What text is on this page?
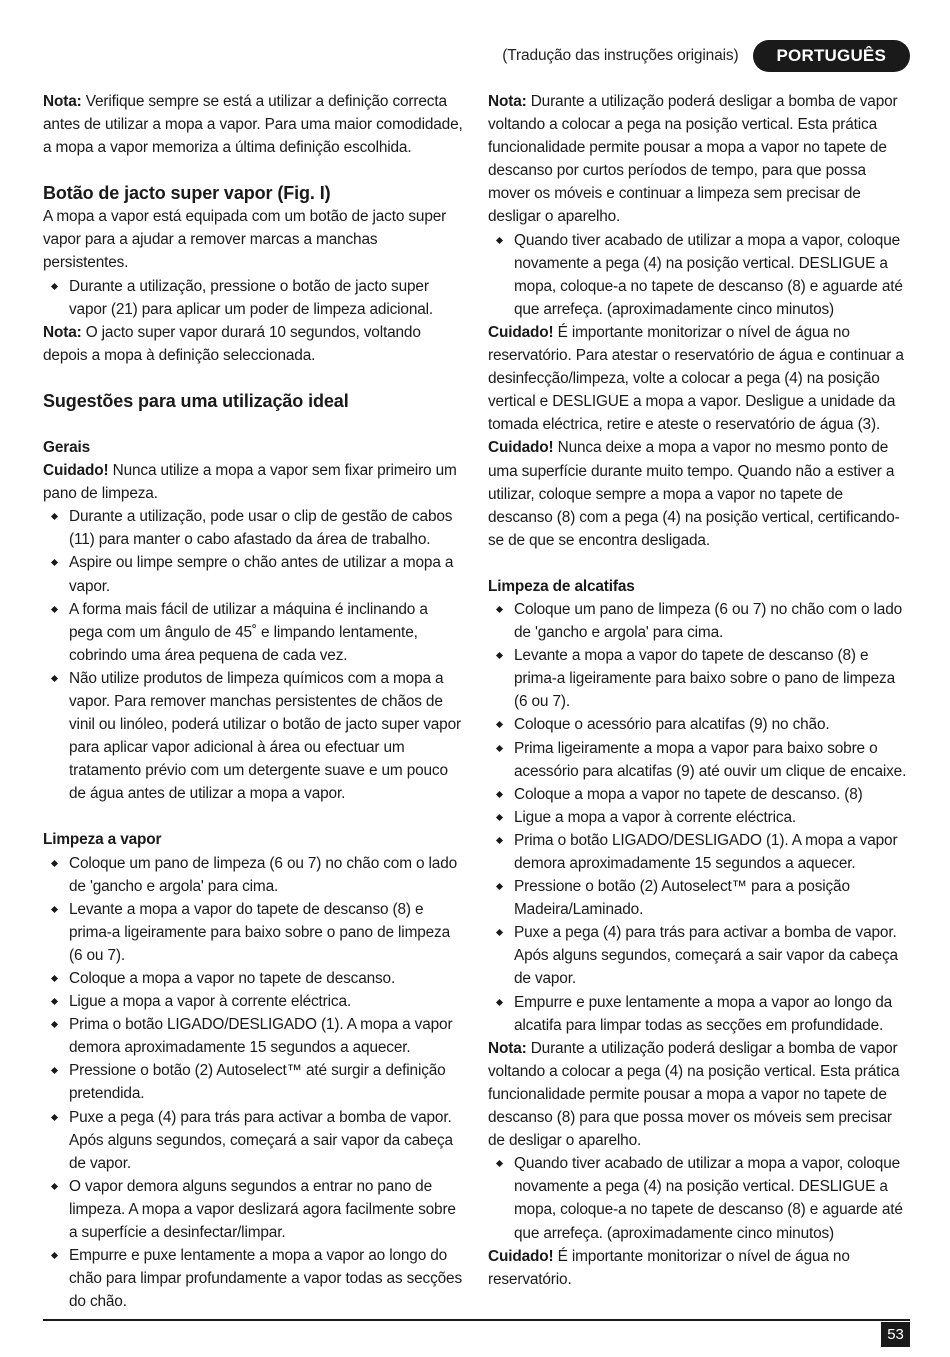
(Tradução das instruções originais)	PORTUGUÊS

Nota: Verifique sempre se está a utilizar a definição correcta antes de utilizar a mopa a vapor. Para uma maior comodidade, a mopa a vapor memoriza a última definição escolhida.

Botão de jacto super vapor (Fig. I)

A mopa a vapor está equipada com um botão de jacto super vapor para a ajudar a remover marcas a manchas persistentes.

Durante a utilização, pressione o botão de jacto super vapor (21) para aplicar um poder de limpeza adicional.

Nota: O jacto super vapor durará 10 segundos, voltando depois a mopa à definição seleccionada.

Sugestões para uma utilização ideal
Gerais

Cuidado! Nunca utilize a mopa a vapor sem fixar primeiro um pano de limpeza.

Durante a utilização, pode usar o clip de gestão de cabos (11) para manter o cabo afastado da área de trabalho.
Aspire ou limpe sempre o chão antes de utilizar a mopa a vapor.
A forma mais fácil de utilizar a máquina é inclinando a pega com um ângulo de 45˚ e limpando lentamente, cobrindo uma área pequena de cada vez.
Não utilize produtos de limpeza químicos com a mopa a vapor. Para remover manchas persistentes de chãos de vinil ou linóleo, poderá utilizar o botão de jacto super vapor para aplicar vapor adicional à área ou efectuar um tratamento prévio com um detergente suave e um pouco de água antes de utilizar a mopa a vapor.
Limpeza a vapor
Coloque um pano de limpeza (6 ou 7) no chão com o lado de 'gancho e argola' para cima.
Levante a mopa a vapor do tapete de descanso (8) e prima-a ligeiramente para baixo sobre o pano de limpeza (6 ou 7).
Coloque a mopa a vapor no tapete de descanso.
Ligue a mopa a vapor à corrente eléctrica.
Prima o botão LIGADO/DESLIGADO (1). A mopa a vapor demora aproximadamente 15 segundos a aquecer.
Pressione o botão (2) Autoselect™ até surgir a definição pretendida.
Puxe a pega (4) para trás para activar a bomba de vapor. Após alguns segundos, começará a sair vapor da cabeça de vapor.
O vapor demora alguns segundos a entrar no pano de limpeza. A mopa a vapor deslizará agora facilmente sobre a superfície a desinfectar/limpar.
Empurre e puxe lentamente a mopa a vapor ao longo do chão para limpar profundamente a vapor todas as secções do chão.

Nota: Durante a utilização poderá desligar a bomba de vapor voltando a colocar a pega na posição vertical. Esta prática funcionalidade permite pousar a mopa a vapor no tapete de descanso por curtos períodos de tempo, para que possa mover os móveis e continuar a limpeza sem precisar de desligar o aparelho.

Quando tiver acabado de utilizar a mopa a vapor, coloque novamente a pega (4) na posição vertical. DESLIGUE a mopa, coloque-a no tapete de descanso (8) e aguarde até que arrefeça. (aproximadamente cinco minutos)

Cuidado! É importante monitorizar o nível de água no reservatório. Para atestar o reservatório de água e continuar a desinfecção/limpeza, volte a colocar a pega (4) na posição vertical e DESLIGUE a mopa a vapor. Desligue a unidade da tomada eléctrica, retire e ateste o reservatório de água (3).

Cuidado! Nunca deixe a mopa a vapor no mesmo ponto de uma superfície durante muito tempo. Quando não a estiver a utilizar, coloque sempre a mopa a vapor no tapete de descanso (8) com a pega (4) na posição vertical, certificando-se de que se encontra desligada.

Limpeza de alcatifas
Coloque um pano de limpeza (6 ou 7) no chão com o lado de 'gancho e argola' para cima.
Levante a mopa a vapor do tapete de descanso (8) e prima-a ligeiramente para baixo sobre o pano de limpeza (6 ou 7).
Coloque o acessório para alcatifas (9) no chão.
Prima ligeiramente a mopa a vapor para baixo sobre o acessório para alcatifas (9) até ouvir um clique de encaixe.
Coloque a mopa a vapor no tapete de descanso. (8)
Ligue a mopa a vapor à corrente eléctrica.
Prima o botão LIGADO/DESLIGADO (1). A mopa a vapor demora aproximadamente 15 segundos a aquecer.
Pressione o botão (2) Autoselect™ para a posição Madeira/Laminado.
Puxe a pega (4) para trás para activar a bomba de vapor. Após alguns segundos, começará a sair vapor da cabeça de vapor.
Empurre e puxe lentamente a mopa a vapor ao longo da alcatifa para limpar todas as secções em profundidade.

Nota: Durante a utilização poderá desligar a bomba de vapor voltando a colocar a pega (4) na posição vertical. Esta prática funcionalidade permite pousar a mopa a vapor no tapete de descanso (8) para que possa mover os móveis sem precisar de desligar o aparelho.

Quando tiver acabado de utilizar a mopa a vapor, coloque novamente a pega (4) na posição vertical. DESLIGUE a mopa, coloque-a no tapete de descanso (8) e aguarde até que arrefeça. (aproximadamente cinco minutos)

Cuidado! É importante monitorizar o nível de água no reservatório.

53
